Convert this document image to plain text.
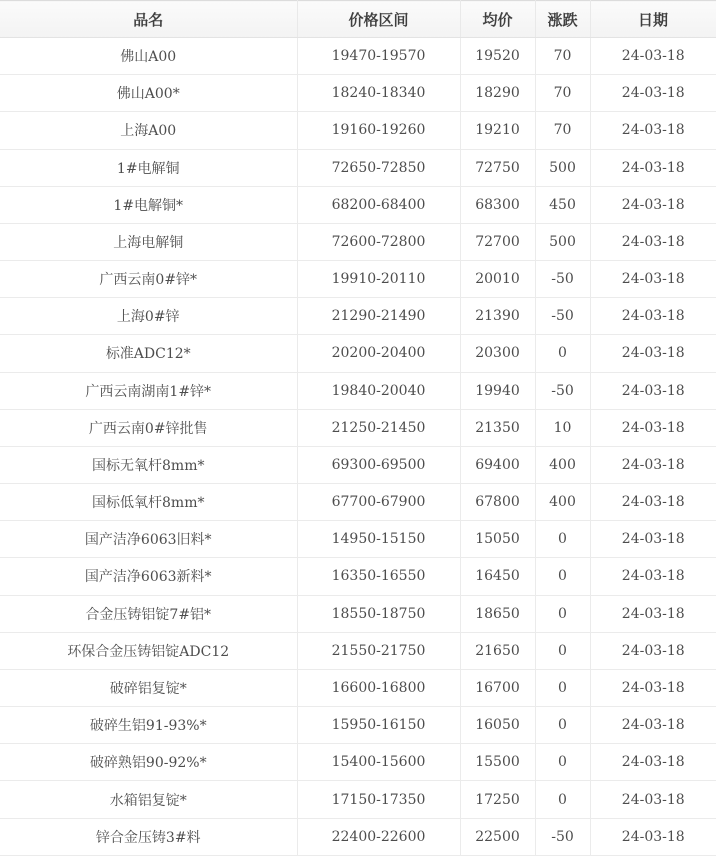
品名	价格区间	均价	涨跌	日期
佛山A00	19470-19570	19520	70	24-03-18
佛山A00*	18240-18340	18290	70	24-03-18
上海A00	19160-19260	19210	70	24-03-18
1#电解铜	72650-72850	72750	500	24-03-18
1#电解铜*	68200-68400	68300	450	24-03-18
上海电解铜	72600-72800	72700	500	24-03-18
广西云南0#锌*	19910-20110	20010	-50	24-03-18
上海0#锌	21290-21490	21390	-50	24-03-18
标准ADC12*	20200-20400	20300	0	24-03-18
广西云南湖南1#锌*	19840-20040	19940	-50	24-03-18
广西云南0#锌批售	21250-21450	21350	10	24-03-18
国标无氧杆8mm*	69300-69500	69400	400	24-03-18
国标低氧杆8mm*	67700-67900	67800	400	24-03-18
国产洁净6063旧料*	14950-15150	15050	0	24-03-18
国产洁净6063新料*	16350-16550	16450	0	24-03-18
合金压铸铝锭7#铝*	18550-18750	18650	0	24-03-18
环保合金压铸铝锭ADC12	21550-21750	21650	0	24-03-18
破碎铝复锭*	16600-16800	16700	0	24-03-18
破碎生铝91-93%*	15950-16150	16050	0	24-03-18
破碎熟铝90-92%*	15400-15600	15500	0	24-03-18
水箱铝复锭*	17150-17350	17250	0	24-03-18
锌合金压铸3#料	22400-22600	22500	-50	24-03-18
